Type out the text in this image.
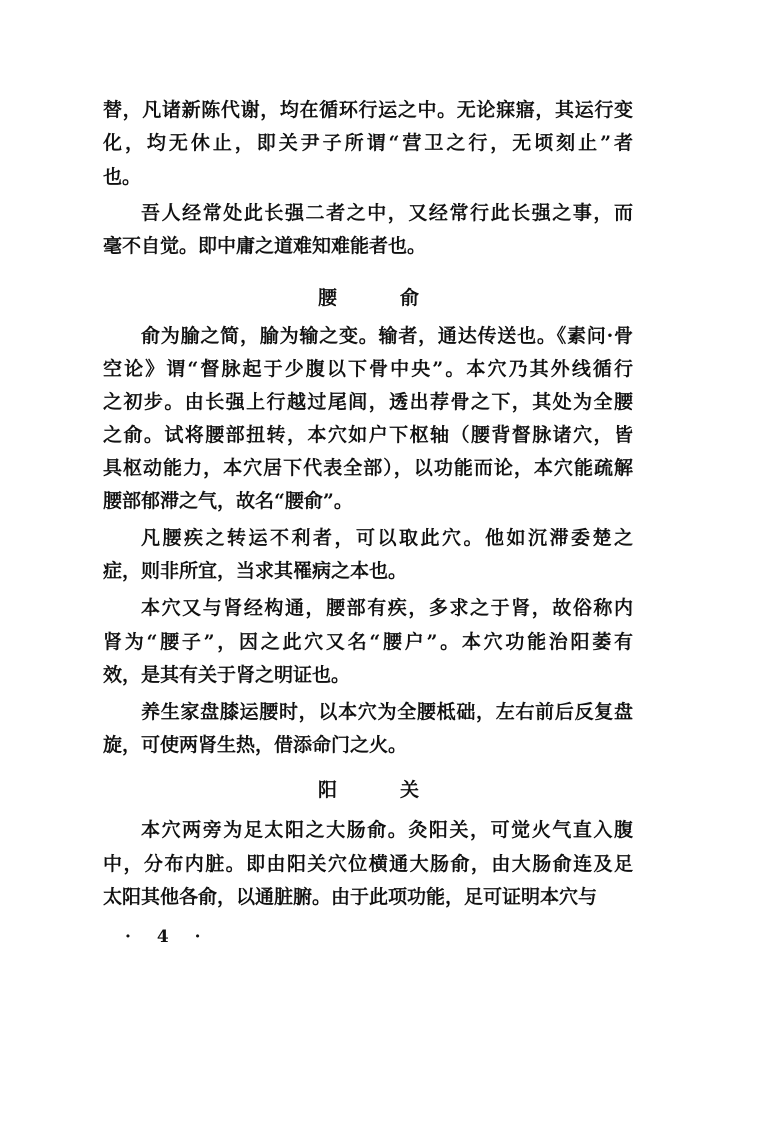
腰	俞
阳	关
· 4 ·
替，凡诸新陈代谢，均在循环行运之中。无论寐寤，其运行变
化，均无休止，即关尹子所谓“营卫之行，无顷刻止”者
也。
吾人经常处此长强二者之中，又经常行此长强之事，而
毫不自觉。即中庸之道难知难能者也。
俞为腧之简，腧为输之变。输者，通达传送也。《素问·骨
空论》谓“督脉起于少腹以下骨中央”。本穴乃其外线循行
之初步。由长强上行越过尾闾，透出荐骨之下，其处为全腰
之俞。试将腰部扭转，本穴如户下枢轴（腰背督脉诸穴，皆
具枢动能力，本穴居下代表全部），以功能而论，本穴能疏解
腰部郁滞之气，故名“腰俞”。
凡腰疾之转运不利者，可以取此穴。他如沉滞委楚之
症，则非所宜，当求其罹病之本也。
本穴又与肾经构通，腰部有疾，多求之于肾，故俗称内
肾为“腰子”，因之此穴又名“腰户”。本穴功能治阳萎有
效，是其有关于肾之明证也。
养生家盘膝运腰时，以本穴为全腰柢础，左右前后反复盘
旋，可使两肾生热，借添命门之火。
本穴两旁为足太阳之大肠俞。灸阳关，可觉火气直入腹
中，分布内脏。即由阳关穴位横通大肠俞，由大肠俞连及足
太阳其他各俞，以通脏腑。由于此项功能，足可证明本穴与
